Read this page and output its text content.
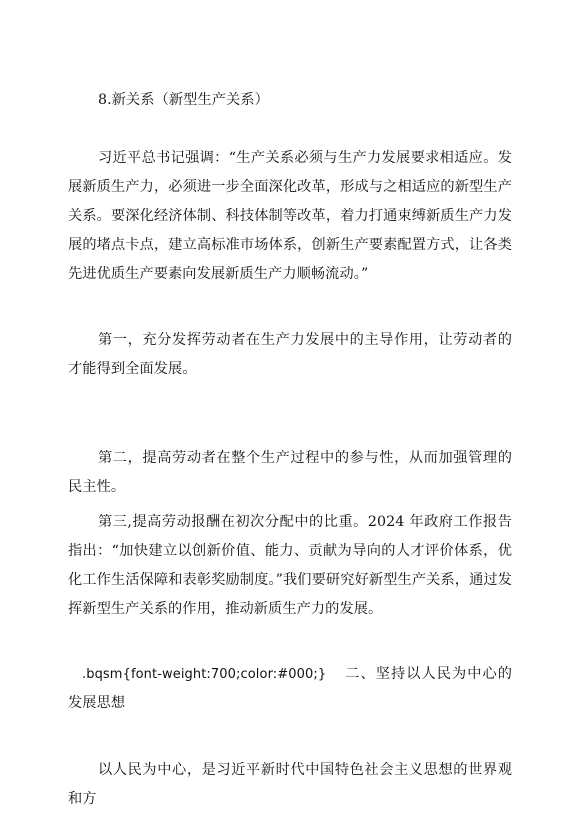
8.新关系（新型生产关系）

习近平总书记强调：“生产关系必须与生产力发展要求相适应。发展新质生产力，必须进一步全面深化改革，形成与之相适应的新型生产关系。要深化经济体制、科技体制等改革，着力打通束缚新质生产力发展的堵点卡点，建立高标准市场体系，创新生产要素配置方式，让各类先进优质生产要素向发展新质生产力顺畅流动。”

第一，充分发挥劳动者在生产力发展中的主导作用，让劳动者的才能得到全面发展。

第二，提高劳动者在整个生产过程中的参与性，从而加强管理的民主性。

第三,提高劳动报酬在初次分配中的比重。2024 年政府工作报告指出：“加快建立以创新价值、能力、贡献为导向的人才评价体系，优化工作生活保障和表彰奖励制度。”我们要研究好新型生产关系，通过发挥新型生产关系的作用，推动新质生产力的发展。

.bqsm{font-weight:700;color:#000;} 二、坚持以人民为中心的发展思想

以人民为中心，是习近平新时代中国特色社会主义思想的世界观和方
